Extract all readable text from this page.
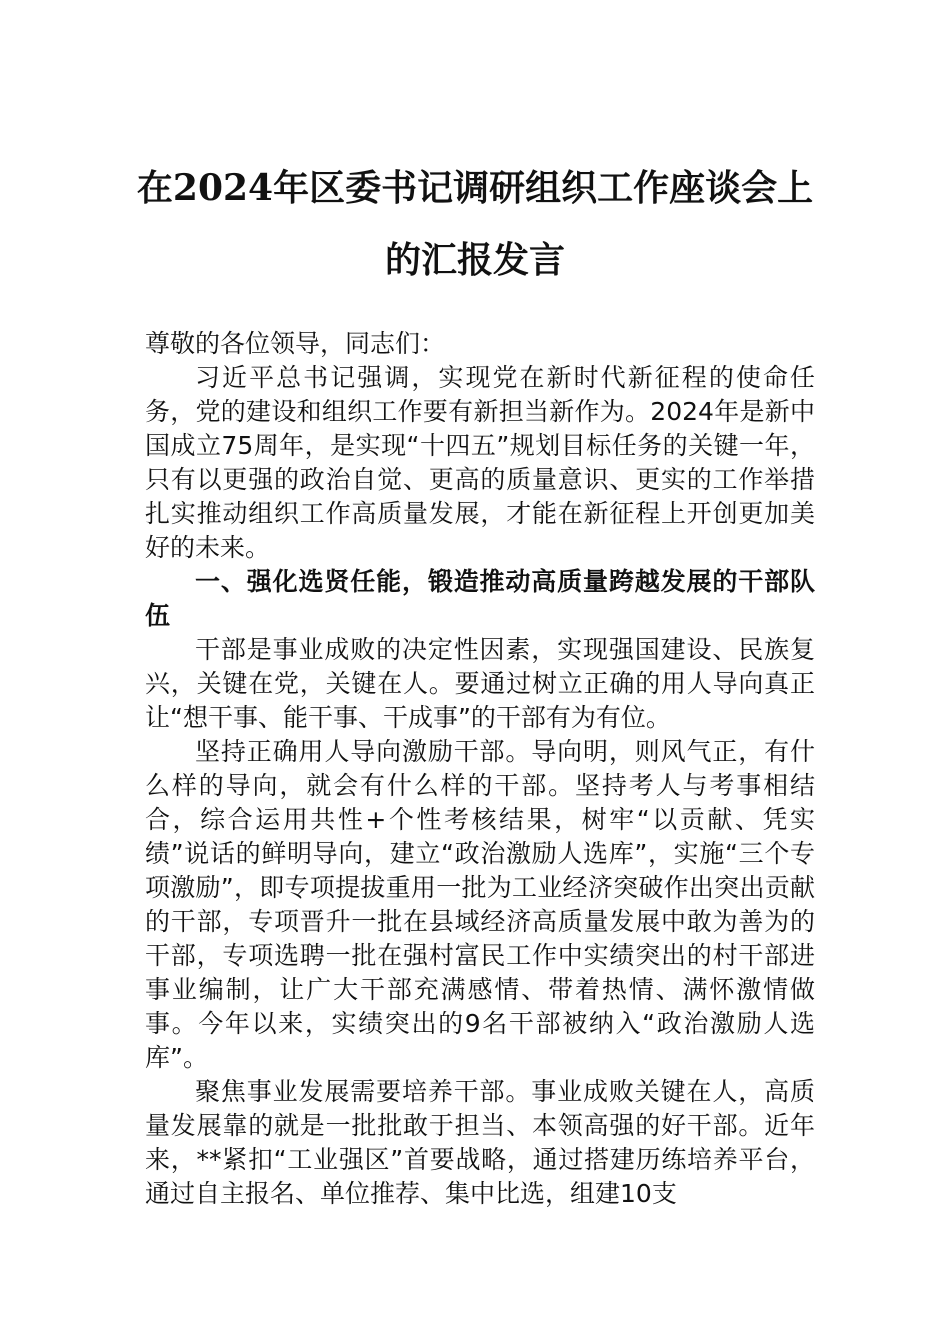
在2024年区委书记调研组织工作座谈会上
的汇报发言

尊敬的各位领导，同志们：

习近平总书记强调，实现党在新时代新征程的使命任务，党的建设和组织工作要有新担当新作为。2024年是新中国成立75周年，是实现“十四五”规划目标任务的关键一年，只有以更强的政治自觉、更高的质量意识、更实的工作举措扎实推动组织工作高质量发展，才能在新征程上开创更加美好的未来。

一、强化选贤任能，锻造推动高质量跨越发展的干部队伍

干部是事业成败的决定性因素，实现强国建设、民族复兴，关键在党，关键在人。要通过树立正确的用人导向真正让“想干事、能干事、干成事”的干部有为有位。

坚持正确用人导向激励干部。导向明，则风气正，有什么样的导向，就会有什么样的干部。坚持考人与考事相结合，综合运用共性+个性考核结果，树牢“以贡献、凭实绩”说话的鲜明导向，建立“政治激励人选库”，实施“三个专项激励”，即专项提拔重用一批为工业经济突破作出突出贡献的干部，专项晋升一批在县域经济高质量发展中敢为善为的干部，专项选聘一批在强村富民工作中实绩突出的村干部进事业编制，让广大干部充满感情、带着热情、满怀激情做事。今年以来，实绩突出的9名干部被纳入“政治激励人选库”。

聚焦事业发展需要培养干部。事业成败关键在人，高质量发展靠的就是一批批敢于担当、本领高强的好干部。近年来，**紧扣“工业强区”首要战略，通过搭建历练培养平台，通过自主报名、单位推荐、集中比选，组建10支
